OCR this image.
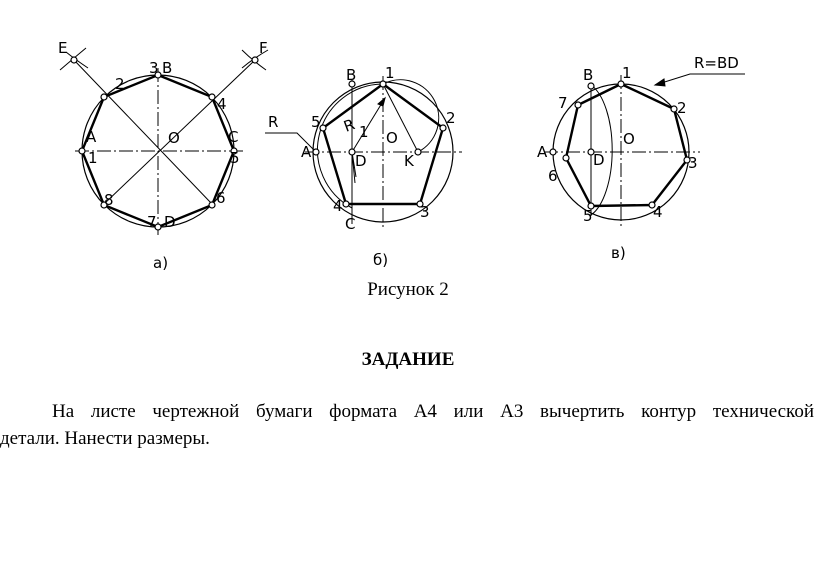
E	F
3 B
2
4
A
1
O	C
5
8	6
7 D
a)
B 1
5 R 1 O
2
R
A	D K
4
C
3
б)
R=BD
B 1
7	2
A	D
O
6
3
5	4
в)
Рисунок 2
ЗАДАНИЕ
На листе чертежной бумаги формата А4 или А3 вычертить контур технической
детали. Нанести размеры.
